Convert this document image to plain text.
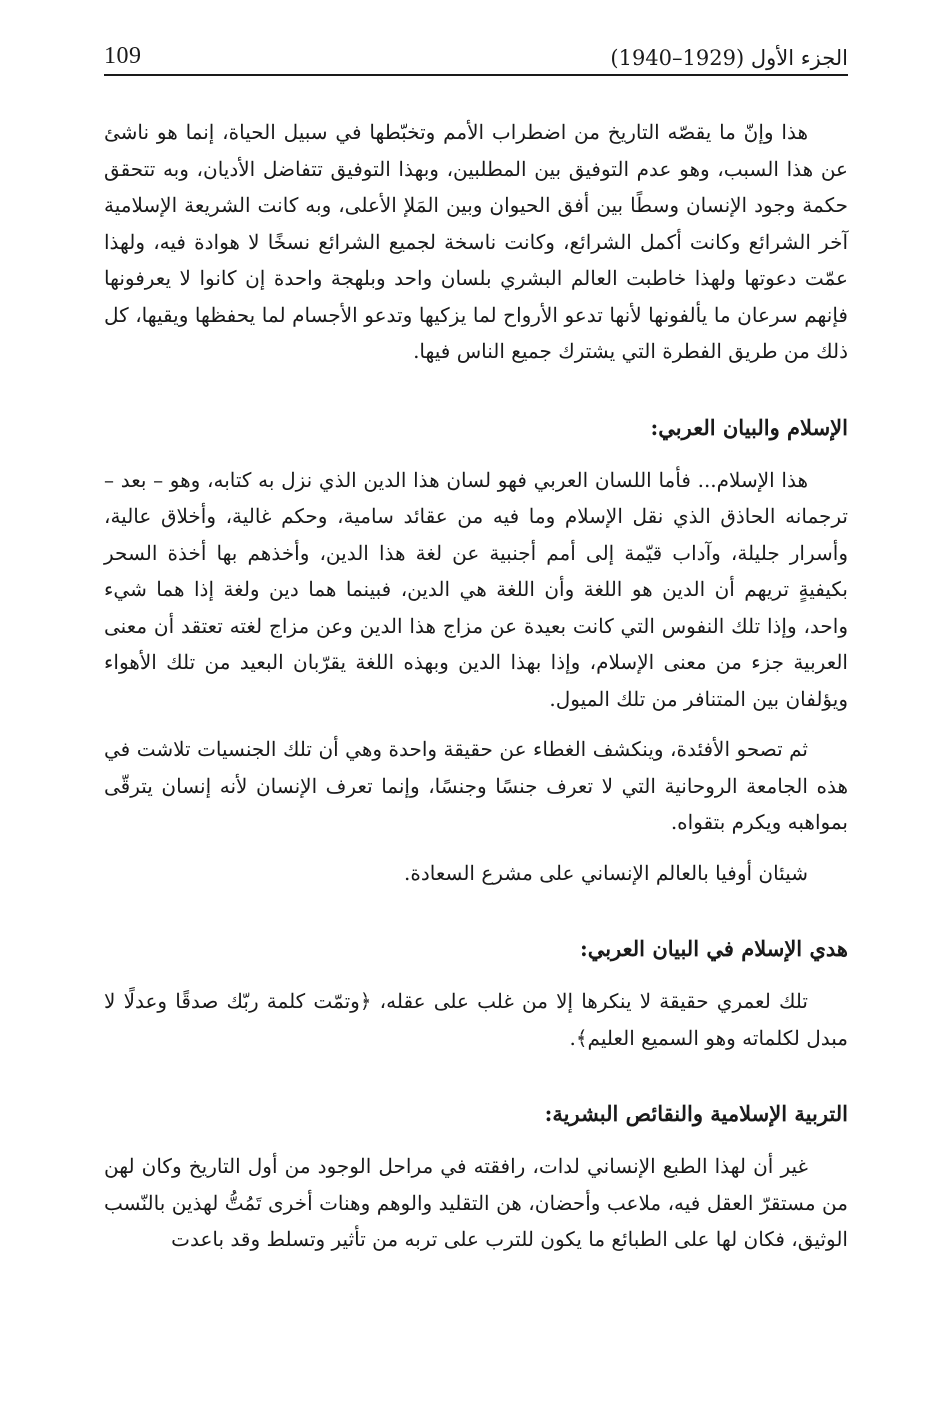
109	الجزء الأول (1929–1940)

هذا وإنّ ما يقصّه التاريخ من اضطراب الأمم وتخبّطها في سبيل الحياة، إنما هو ناشئ عن هذا السبب، وهو عدم التوفيق بين المطلبين، وبهذا التوفيق تتفاضل الأديان، وبه تتحقق حكمة وجود الإنسان وسطًا بين أفق الحيوان وبين المَلإ الأعلى، وبه كانت الشريعة الإسلامية آخر الشرائع وكانت أكمل الشرائع، وكانت ناسخة لجميع الشرائع نسخًا لا هوادة فيه، ولهذا عمّت دعوتها ولهذا خاطبت العالم البشري بلسان واحد وبلهجة واحدة إن كانوا لا يعرفونها فإنهم سرعان ما يألفونها لأنها تدعو الأرواح لما يزكيها وتدعو الأجسام لما يحفظها ويقيها، كل ذلك من طريق الفطرة التي يشترك جميع الناس فيها.

الإسلام والبيان العربي:

هذا الإسلام... فأما اللسان العربي فهو لسان هذا الدين الذي نزل به كتابه، وهو – بعد – ترجمانه الحاذق الذي نقل الإسلام وما فيه من عقائد سامية، وحكم غالية، وأخلاق عالية، وأسرار جليلة، وآداب قيّمة إلى أمم أجنبية عن لغة هذا الدين، وأخذهم بها أخذة السحر بكيفيةٍ تريهم أن الدين هو اللغة وأن اللغة هي الدين، فبينما هما دين ولغة إذا هما شيء واحد، وإذا تلك النفوس التي كانت بعيدة عن مزاج هذا الدين وعن مزاج لغته تعتقد أن معنى العربية جزء من معنى الإسلام، وإذا بهذا الدين وبهذه اللغة يقرّبان البعيد من تلك الأهواء ويؤلفان بين المتنافر من تلك الميول.

ثم تصحو الأفئدة، وينكشف الغطاء عن حقيقة واحدة وهي أن تلك الجنسيات تلاشت في هذه الجامعة الروحانية التي لا تعرف جنسًا وجنسًا، وإنما تعرف الإنسان لأنه إنسان يترقّى بمواهبه ويكرم بتقواه.

شيئان أوفيا بالعالم الإنساني على مشرع السعادة.

هدي الإسلام في البيان العربي:

تلك لعمري حقيقة لا ينكرها إلا من غلب على عقله، ﴿وتمّت كلمة ربّك صدقًا وعدلًا لا مبدل لكلماته وهو السميع العليم﴾.

التربية الإسلامية والنقائص البشرية:

غير أن لهذا الطبع الإنساني لدات، رافقته في مراحل الوجود من أول التاريخ وكان لهن من مستقرّ العقل فيه، ملاعب وأحضان، هن التقليد والوهم وهنات أخرى تَمُتُّ لهذين بالنّسب الوثيق، فكان لها على الطبائع ما يكون للترب على تربه من تأثير وتسلط وقد باعدت
